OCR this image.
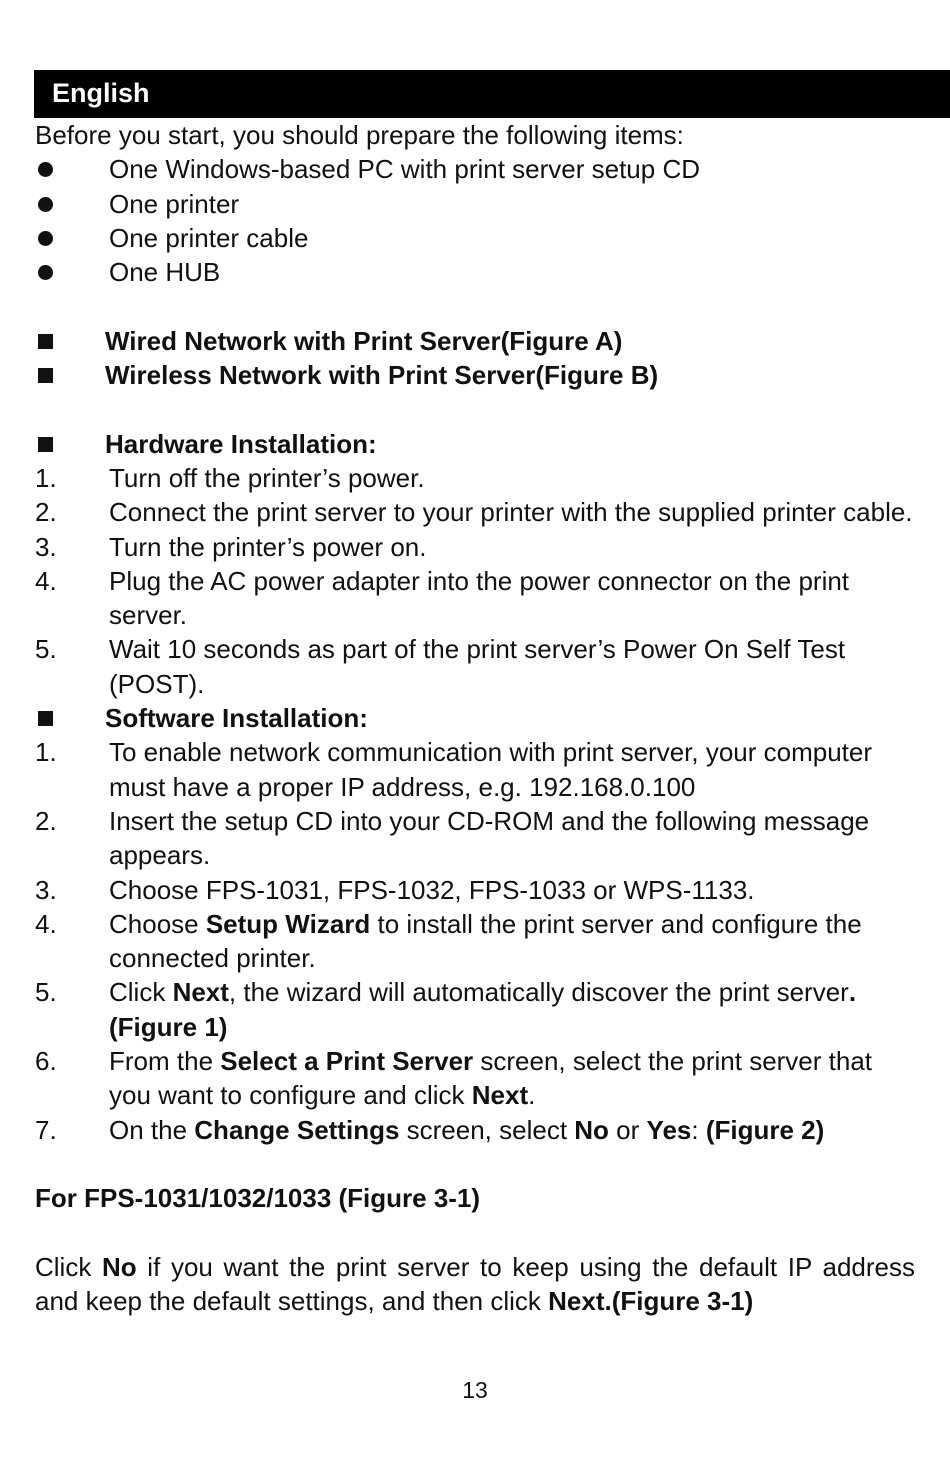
English

Before you start, you should prepare the following items:

One Windows-based PC with print server setup CD
One printer
One printer cable
One HUB
Wired Network with Print Server(Figure A)
Wireless Network with Print Server(Figure B)
Hardware Installation:
1.	Turn off the printer’s power.
2.	Connect the print server to your printer with the supplied printer cable.
3.	Turn the printer’s power on.
4.	Plug the AC power adapter into the power connector on the print server.
5.	Wait 10 seconds as part of the print server’s Power On Self Test (POST).
Software Installation:
1.	To enable network communication with print server, your computer must have a proper IP address, e.g. 192.168.0.100
2.	Insert the setup CD into your CD-ROM and the following message appears.
3.	Choose FPS-1031, FPS-1032, FPS-1033 or WPS-1133.
4.	Choose Setup Wizard to install the print server and configure the connected printer.
5.	Click Next, the wizard will automatically discover the print server.(Figure 1)
6.	From the Select a Print Server screen, select the print server that you want to configure and click Next.
7.	On the Change Settings screen, select No or Yes: (Figure 2)

For FPS-1031/1032/1033 (Figure 3-1)

Click No if you want the print server to keep using the default IP address and keep the default settings, and then click Next.(Figure 3-1)

13
